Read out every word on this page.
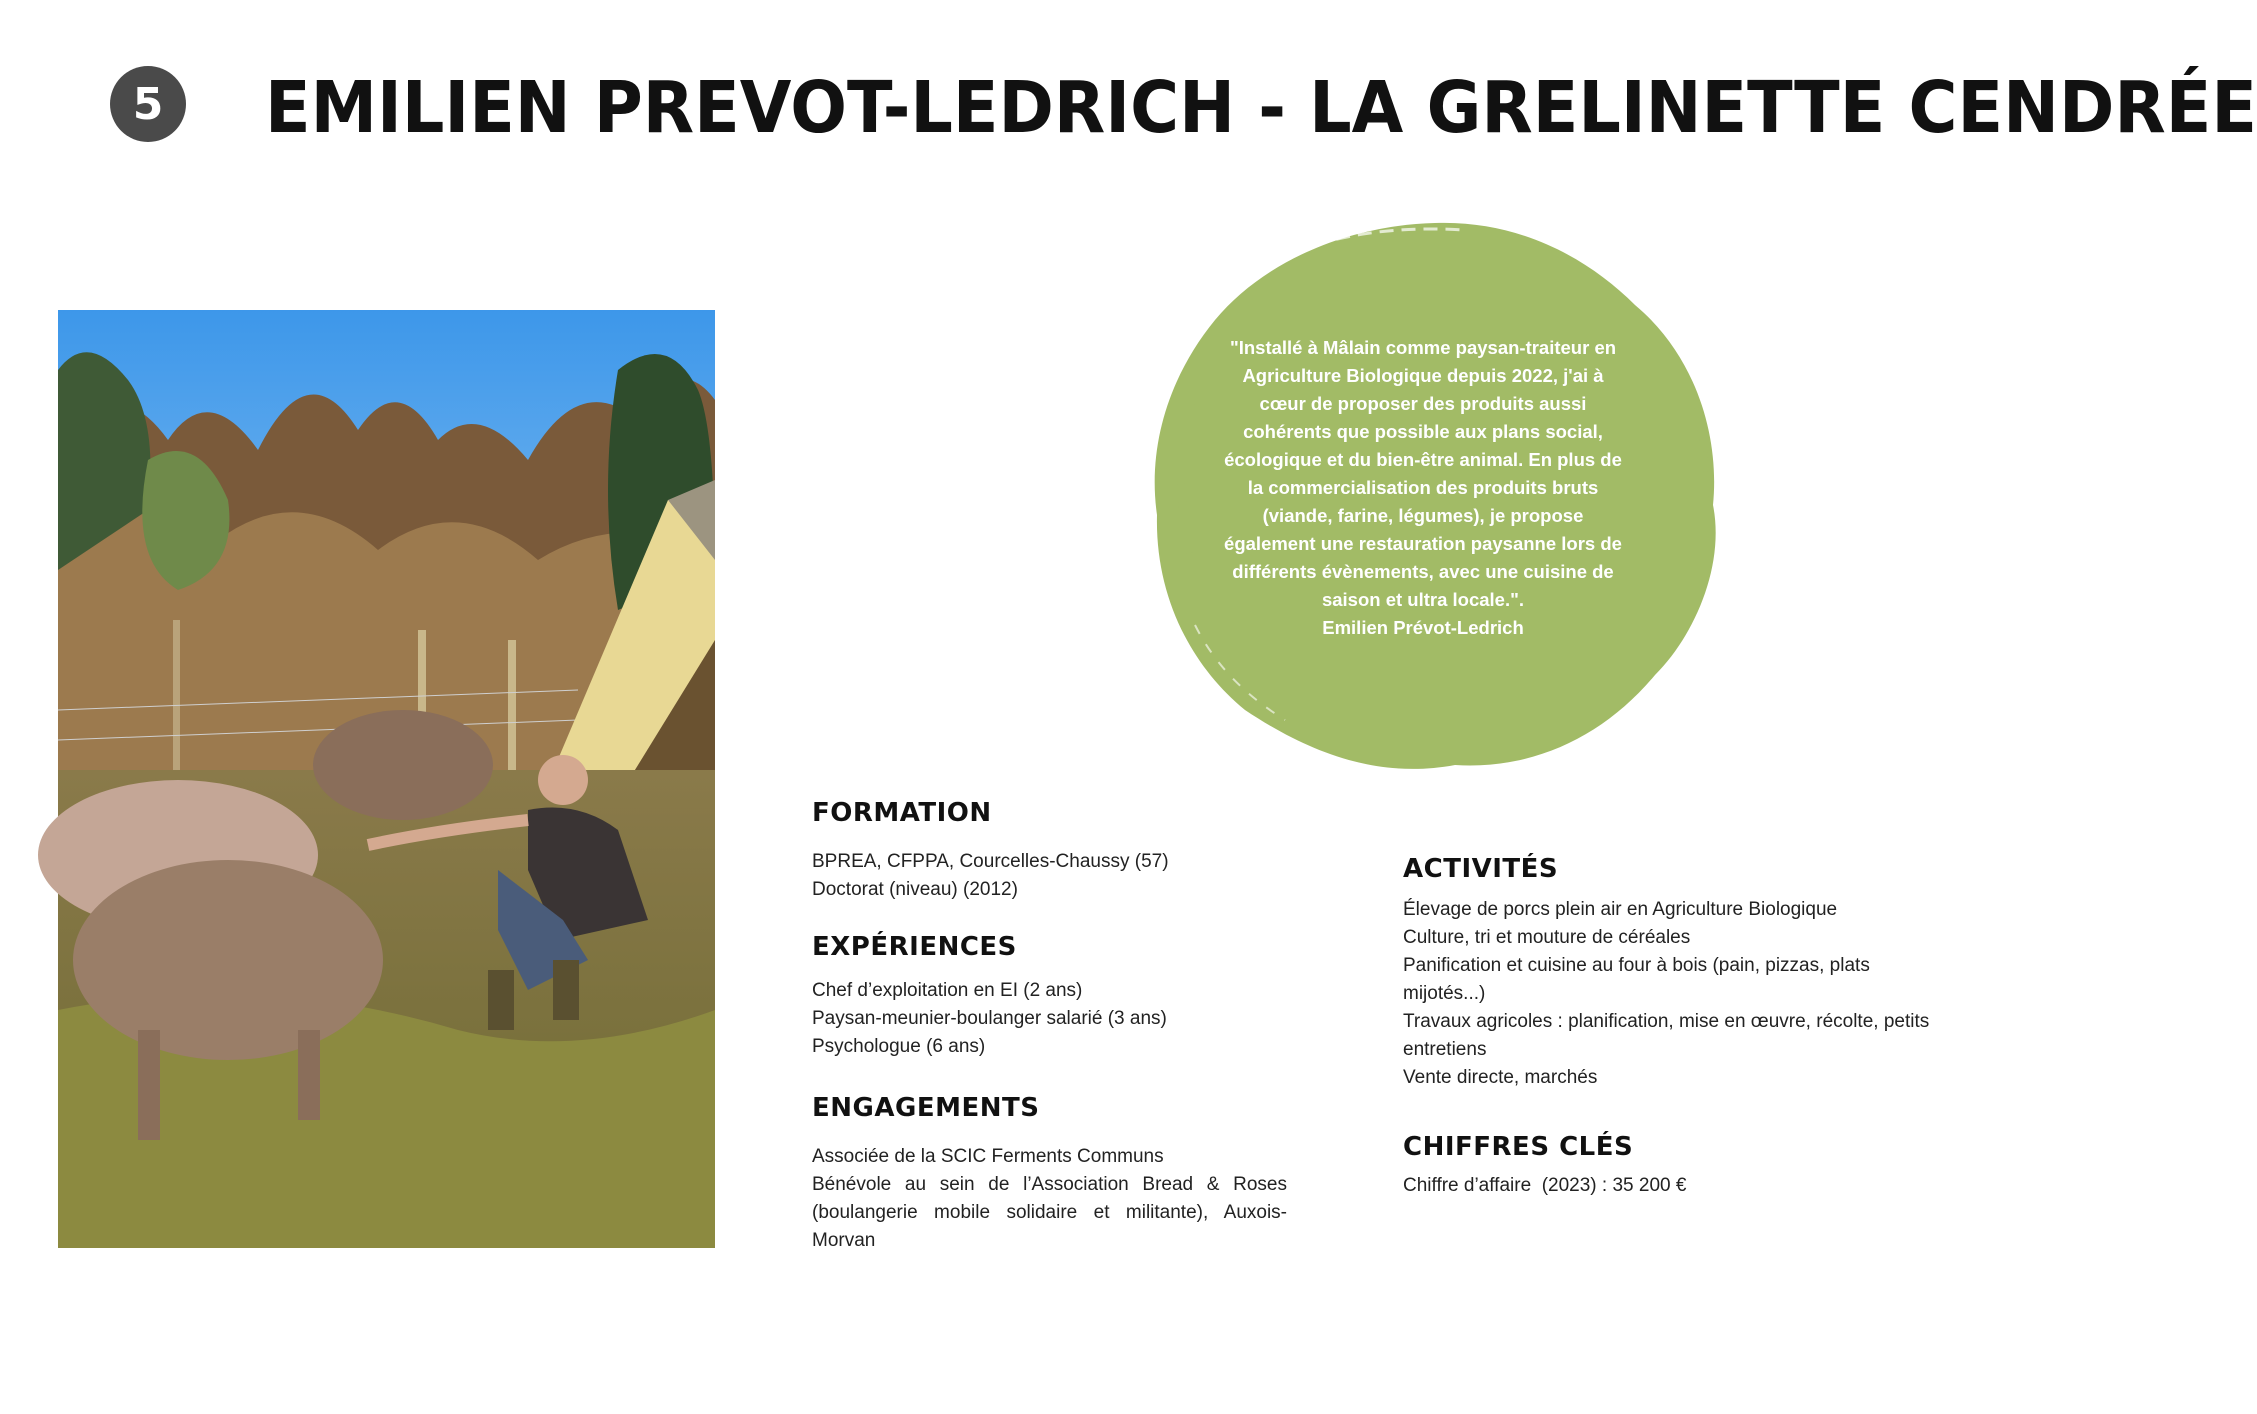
5 EMILIEN PREVOT-LEDRICH - LA GRELINETTE CENDRÉE
"Installé à Mâlain comme paysan-traiteur en Agriculture Biologique depuis 2022, j'ai à cœur de proposer des produits aussi cohérents que possible aux plans social, écologique et du bien-être animal. En plus de la commercialisation des produits bruts (viande, farine, légumes), je propose également une restauration paysanne lors de différents évènements, avec une cuisine de saison et ultra locale.".
Emilien Prévot-Ledrich
FORMATION
BPREA, CFPPA, Courcelles-Chaussy (57)
Doctorat (niveau) (2012)
EXPÉRIENCES
Chef d’exploitation en EI (2 ans)
Paysan-meunier-boulanger salarié (3 ans)
Psychologue (6 ans)
ENGAGEMENTS
Associée de la SCIC Ferments Communs
Bénévole au sein de l’Association Bread & Roses (boulangerie mobile solidaire et militante), Auxois-Morvan
ACTIVITÉS
Élevage de porcs plein air en Agriculture Biologique
Culture, tri et mouture de céréales
Panification et cuisine au four à bois (pain, pizzas, plats mijotés...)
Travaux agricoles : planification, mise en œuvre, récolte, petits entretiens
Vente directe, marchés
CHIFFRES CLÉS
Chiffre d’affaire  (2023) : 35 200 €
